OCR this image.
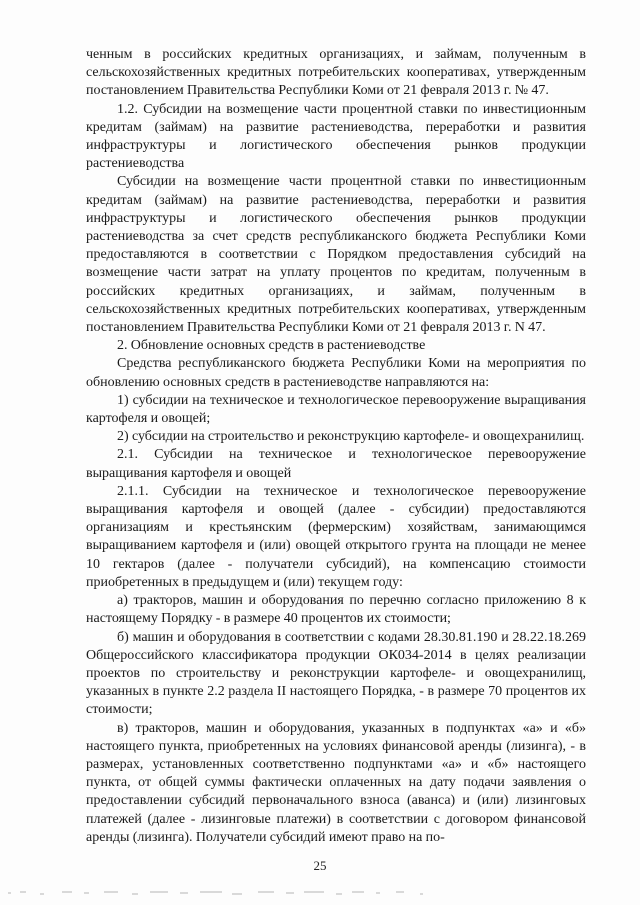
ченным в российских кредитных организациях, и займам, полученным в сельскохозяйственных кредитных потребительских кооперативах, утвержденным постановлением Правительства Республики Коми от 21 февраля 2013 г. № 47.

1.2. Субсидии на возмещение части процентной ставки по инвестиционным кредитам (займам) на развитие растениеводства, переработки и развития инфраструктуры и логистического обеспечения рынков продукции растениеводства

Субсидии на возмещение части процентной ставки по инвестиционным кредитам (займам) на развитие растениеводства, переработки и развития инфраструктуры и логистического обеспечения рынков продукции растениеводства за счет средств республиканского бюджета Республики Коми предоставляются в соответствии с Порядком предоставления субсидий на возмещение части затрат на уплату процентов по кредитам, полученным в российских кредитных организациях, и займам, полученным в сельскохозяйственных кредитных потребительских кооперативах, утвержденным постановлением Правительства Республики Коми от 21 февраля 2013 г. N 47.

2. Обновление основных средств в растениеводстве

Средства республиканского бюджета Республики Коми на мероприятия по обновлению основных средств в растениеводстве направляются на:

1) субсидии на техническое и технологическое перевооружение выращивания картофеля и овощей;

2) субсидии на строительство и реконструкцию картофеле- и овощехранилищ.

2.1. Субсидии на техническое и технологическое перевооружение выращивания картофеля и овощей

2.1.1. Субсидии на техническое и технологическое перевооружение выращивания картофеля и овощей (далее - субсидии) предоставляются организациям и крестьянским (фермерским) хозяйствам, занимающимся выращиванием картофеля и (или) овощей открытого грунта на площади не менее 10 гектаров (далее - получатели субсидий), на компенсацию стоимости приобретенных в предыдущем и (или) текущем году:

а) тракторов, машин и оборудования по перечню согласно приложению 8 к настоящему Порядку - в размере 40 процентов их стоимости;

б) машин и оборудования в соответствии с кодами 28.30.81.190 и 28.22.18.269 Общероссийского классификатора продукции ОК034-2014 в целях реализации проектов по строительству и реконструкции картофеле- и овощехранилищ, указанных в пункте 2.2 раздела II настоящего Порядка, - в размере 70 процентов их стоимости;

в) тракторов, машин и оборудования, указанных в подпунктах «а» и «б» настоящего пункта, приобретенных на условиях финансовой аренды (лизинга), - в размерах, установленных соответственно подпунктами «а» и «б» настоящего пункта, от общей суммы фактически оплаченных на дату подачи заявления о предоставлении субсидий первоначального взноса (аванса) и (или) лизинговых платежей (далее - лизинговые платежи) в соответствии с договором финансовой аренды (лизинга). Получатели субсидий имеют право на по-

25
